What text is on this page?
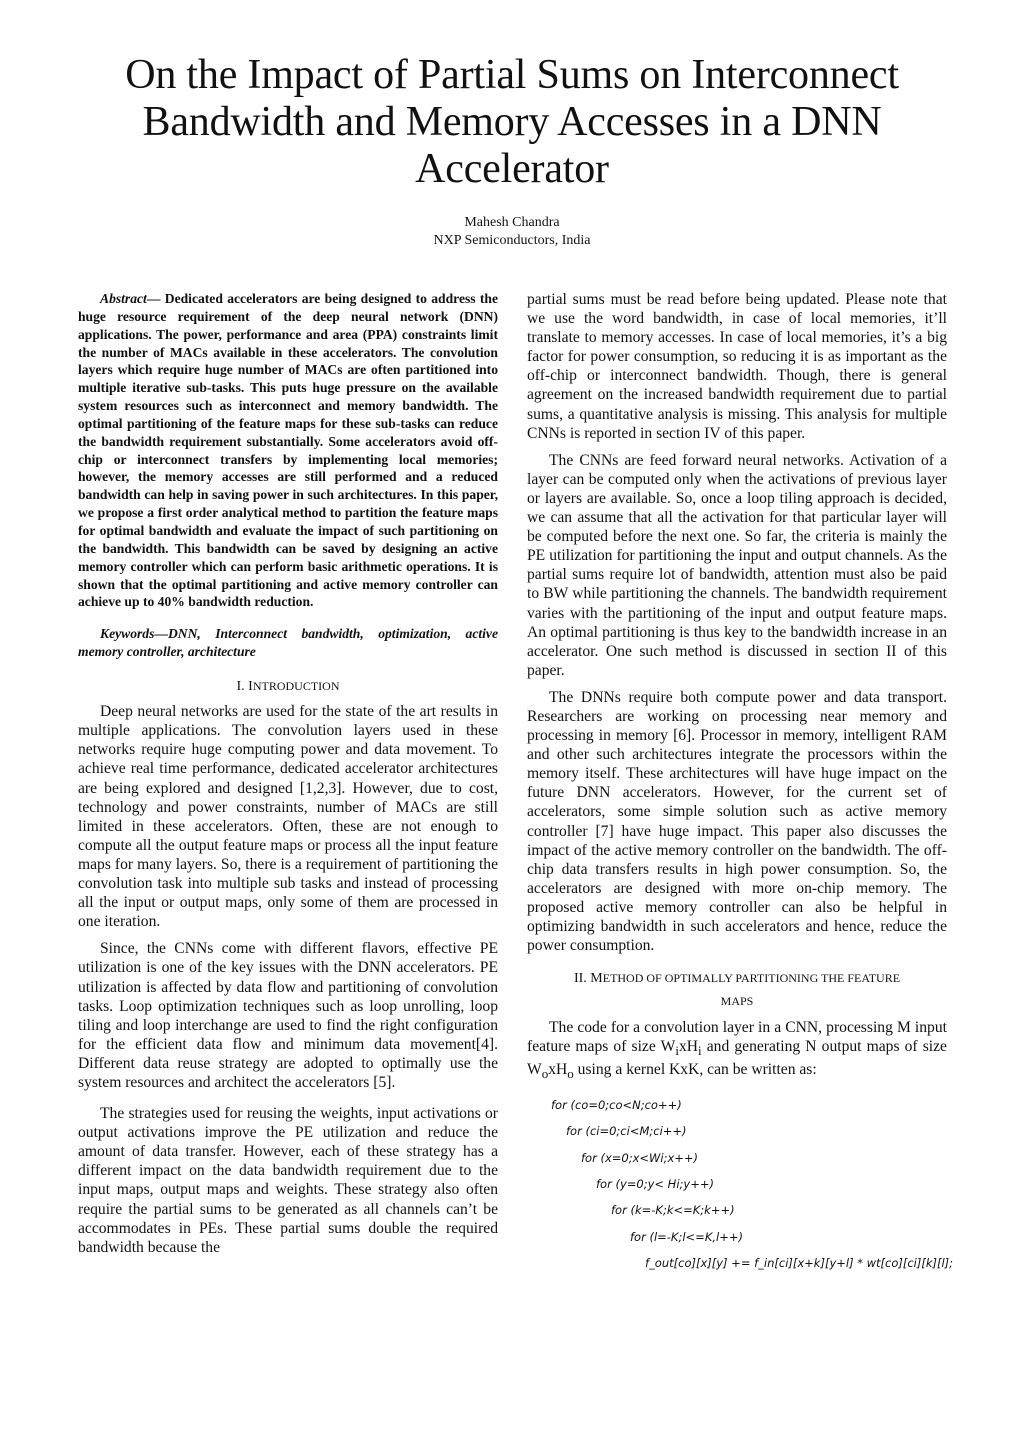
On the Impact of Partial Sums on Interconnect Bandwidth and Memory Accesses in a DNN Accelerator
Mahesh Chandra
NXP Semiconductors, India

Abstract— Dedicated accelerators are being designed to address the huge resource requirement of the deep neural network (DNN) applications. The power, performance and area (PPA) constraints limit the number of MACs available in these accelerators. The convolution layers which require huge number of MACs are often partitioned into multiple iterative sub-tasks. This puts huge pressure on the available system resources such as interconnect and memory bandwidth. The optimal partitioning of the feature maps for these sub-tasks can reduce the bandwidth requirement substantially. Some accelerators avoid off-chip or interconnect transfers by implementing local memories; however, the memory accesses are still performed and a reduced bandwidth can help in saving power in such architectures. In this paper, we propose a first order analytical method to partition the feature maps for optimal bandwidth and evaluate the impact of such partitioning on the bandwidth. This bandwidth can be saved by designing an active memory controller which can perform basic arithmetic operations. It is shown that the optimal partitioning and active memory controller can achieve up to 40% bandwidth reduction.

Keywords—DNN, Interconnect bandwidth, optimization, active memory controller, architecture

I. INTRODUCTION

Deep neural networks are used for the state of the art results in multiple applications. The convolution layers used in these networks require huge computing power and data movement. To achieve real time performance, dedicated accelerator architectures are being explored and designed [1,2,3]. However, due to cost, technology and power constraints, number of MACs are still limited in these accelerators. Often, these are not enough to compute all the output feature maps or process all the input feature maps for many layers. So, there is a requirement of partitioning the convolution task into multiple sub tasks and instead of processing all the input or output maps, only some of them are processed in one iteration.

Since, the CNNs come with different flavors, effective PE utilization is one of the key issues with the DNN accelerators. PE utilization is affected by data flow and partitioning of convolution tasks. Loop optimization techniques such as loop unrolling, loop tiling and loop interchange are used to find the right configuration for the efficient data flow and minimum data movement[4]. Different data reuse strategy are adopted to optimally use the system resources and architect the accelerators [5].

The strategies used for reusing the weights, input activations or output activations improve the PE utilization and reduce the amount of data transfer. However, each of these strategy has a different impact on the data bandwidth requirement due to the input maps, output maps and weights. These strategy also often require the partial sums to be generated as all channels can’t be accommodates in PEs. These partial sums double the required bandwidth because the

partial sums must be read before being updated. Please note that we use the word bandwidth, in case of local memories, it’ll translate to memory accesses. In case of local memories, it’s a big factor for power consumption, so reducing it is as important as the off-chip or interconnect bandwidth. Though, there is general agreement on the increased bandwidth requirement due to partial sums, a quantitative analysis is missing. This analysis for multiple CNNs is reported in section IV of this paper.

The CNNs are feed forward neural networks. Activation of a layer can be computed only when the activations of previous layer or layers are available. So, once a loop tiling approach is decided, we can assume that all the activation for that particular layer will be computed before the next one. So far, the criteria is mainly the PE utilization for partitioning the input and output channels. As the partial sums require lot of bandwidth, attention must also be paid to BW while partitioning the channels. The bandwidth requirement varies with the partitioning of the input and output feature maps. An optimal partitioning is thus key to the bandwidth increase in an accelerator. One such method is discussed in section II of this paper.

The DNNs require both compute power and data transport. Researchers are working on processing near memory and processing in memory [6]. Processor in memory, intelligent RAM and other such architectures integrate the processors within the memory itself. These architectures will have huge impact on the future DNN accelerators. However, for the current set of accelerators, some simple solution such as active memory controller [7] have huge impact. This paper also discusses the impact of the active memory controller on the bandwidth. The off-chip data transfers results in high power consumption. So, the accelerators are designed with more on-chip memory. The proposed active memory controller can also be helpful in optimizing bandwidth in such accelerators and hence, reduce the power consumption.

II. METHOD OF OPTIMALLY PARTITIONING THE FEATURE
MAPS

The code for a convolution layer in a CNN, processing M input feature maps of size $W_ixH_i$ and generating N output maps of size $W_oxH_o$ using a kernel KxK, can be written as:

for (co=0;co<N;co++)
for (ci=0;ci<M;ci++)
for (x=0;x<Wi;x++)
for (y=0;y< Hi;y++)
for (k=-K;k<=K;k++)
for (l=-K;l<=K,l++)
f_out[co][x][y] += f_in[ci][x+k][y+l] * wt[co][ci][k][l];
